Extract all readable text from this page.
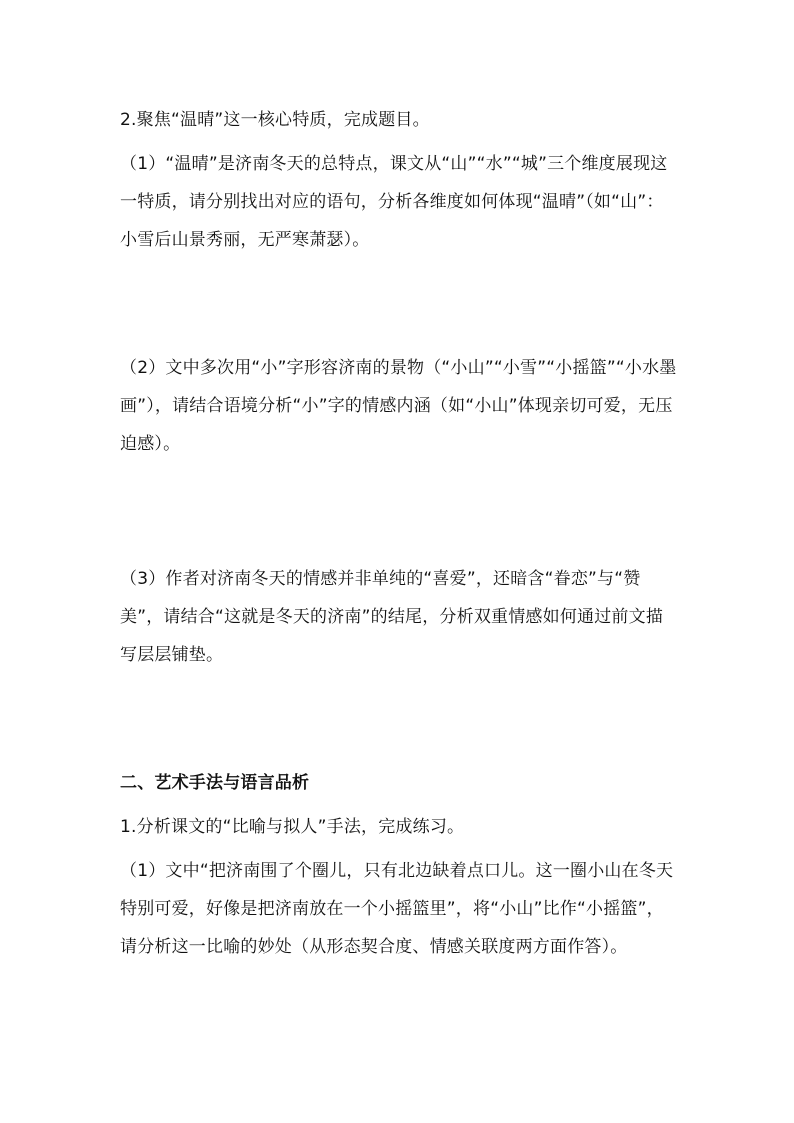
2.聚焦“温晴”这一核心特质，完成题目。

（1）“温晴”是济南冬天的总特点，课文从“山”“水”“城”三个维度展现这一特质，请分别找出对应的语句，分析各维度如何体现“温晴”（如“山”：小雪后山景秀丽，无严寒萧瑟）。

（2）文中多次用“小”字形容济南的景物（“小山”“小雪”“小摇篮”“小水墨画”），请结合语境分析“小”字的情感内涵（如“小山”体现亲切可爱，无压迫感）。

（3）作者对济南冬天的情感并非单纯的“喜爱”，还暗含“眷恋”与“赞美”，请结合“这就是冬天的济南”的结尾，分析双重情感如何通过前文描写层层铺垫。

二、艺术手法与语言品析

1.分析课文的“比喻与拟人”手法，完成练习。

（1）文中“把济南围了个圈儿，只有北边缺着点口儿。这一圈小山在冬天特别可爱，好像是把济南放在一个小摇篮里”，将“小山”比作“小摇篮”，请分析这一比喻的妙处（从形态契合度、情感关联度两方面作答）。
